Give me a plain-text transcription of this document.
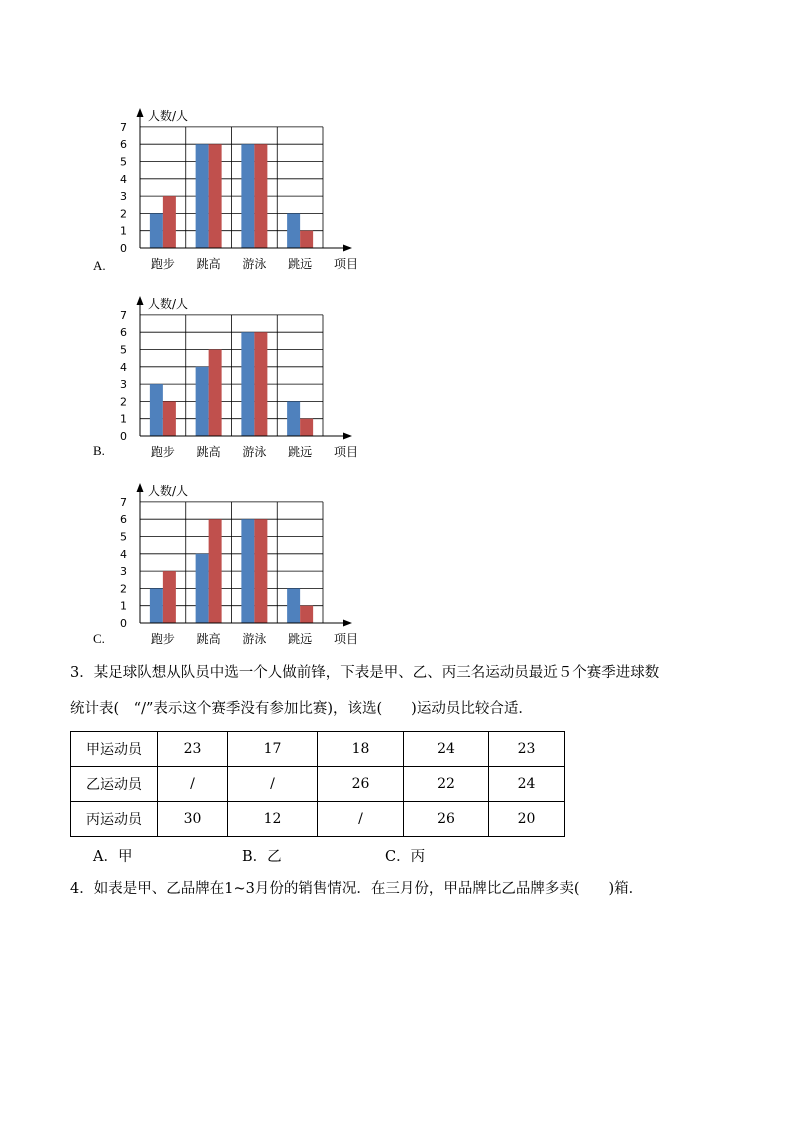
0
1
2
3
4
5
6
7
跑步 跳高 游泳 跳远
人数/人
项目
A.
0
1
2
3
4
5
6
7
跑步 跳高 游泳 跳远
人数/人
项目
B.
0
1
2
3
4
5
6
7
跑步 跳高 游泳 跳远
人数/人
项目
C.
3．某足球队想从队员中选一个人做前锋，下表是甲、乙、丙三名运动员最近５个赛季进球数
统计表(　“/”表示这个赛季没有参加比赛)，该选(　　)运动员比较合适．
甲运动员	23	17	18	24	23
乙运动员	/	/	26	22	24
丙运动员	30	12	/	26	20
A．甲	B．乙	C．丙
4．如表是甲、乙品牌在1~3月份的销售情况．在三月份，甲品牌比乙品牌多卖(　　)箱．
